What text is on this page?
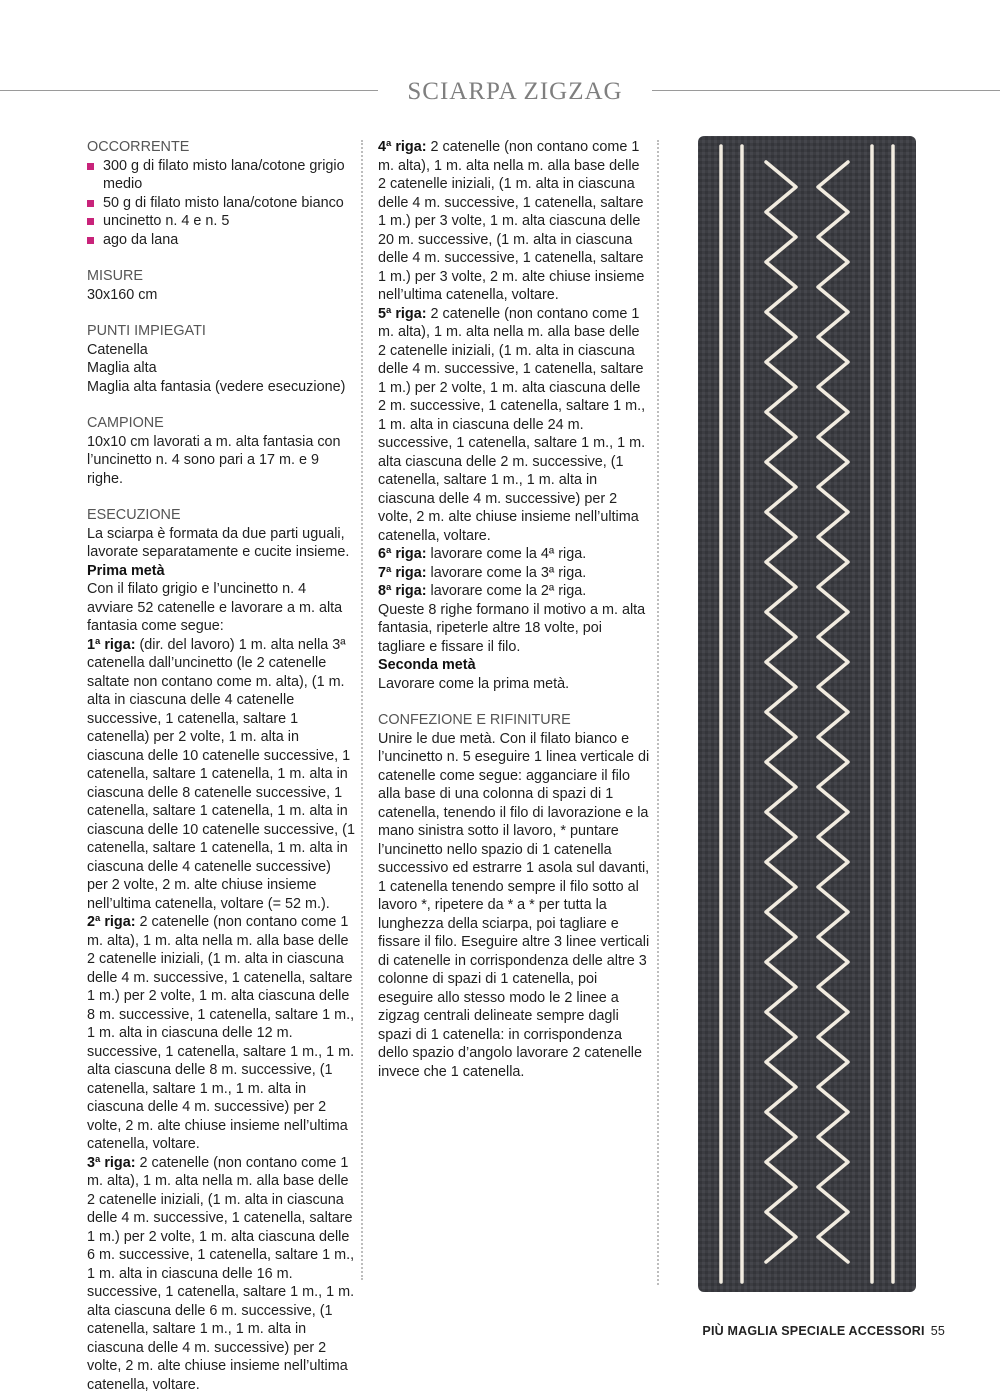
SCIARPA ZIGZAG
OCCORRENTE
300 g di filato misto lana/cotone grigio medio
50 g di filato misto lana/cotone bianco
uncinetto n. 4 e n. 5
ago da lana
MISURE

30x160 cm

PUNTI IMPIEGATI

Catenella

Maglia alta

Maglia alta fantasia (vedere esecuzione)

CAMPIONE

10x10 cm lavorati a m. alta fantasia con l’uncinetto n. 4 sono pari a 17 m. e 9 righe.

ESECUZIONE

La sciarpa è formata da due parti uguali, lavorate separatamente e cucite insieme.

Prima metà

Con il filato grigio e l’uncinetto n. 4 avviare 52 catenelle e lavorare a m. alta fantasia come segue:

1ª riga: (dir. del lavoro) 1 m. alta nella 3ª catenella dall’uncinetto (le 2 catenelle saltate non contano come m. alta), (1 m. alta in ciascuna delle 4 catenelle successive, 1 catenella, saltare 1 catenella) per 2 volte, 1 m. alta in ciascuna delle 10 catenelle successive, 1 catenella, saltare 1 catenella, 1 m. alta in ciascuna delle 8 catenelle successive, 1 catenella, saltare 1 catenella, 1 m. alta in ciascuna delle 10 catenelle successive, (1 catenella, saltare 1 catenella, 1 m. alta in ciascuna delle 4 catenelle successive) per 2 volte, 2 m. alte chiuse insieme nell’ultima catenella, voltare (= 52 m.).

2ª riga: 2 catenelle (non contano come 1 m. alta), 1 m. alta nella m. alla base delle 2 catenelle iniziali, (1 m. alta in ciascuna delle 4 m. successive, 1 catenella, saltare 1 m.) per 2 volte, 1 m. alta ciascuna delle 8 m. successive, 1 catenella, saltare 1 m., 1 m. alta in ciascuna delle 12 m. successive, 1 catenella, saltare 1 m., 1 m. alta ciascuna delle 8 m. successive, (1 catenella, saltare 1 m., 1 m. alta in ciascuna delle 4 m. successive) per 2 volte, 2 m. alte chiuse insieme nell’ultima catenella, voltare.

3ª riga: 2 catenelle (non contano come 1 m. alta), 1 m. alta nella m. alla base delle 2 catenelle iniziali, (1 m. alta in ciascuna delle 4 m. successive, 1 catenella, saltare 1 m.) per 2 volte, 1 m. alta ciascuna delle 6 m. successive, 1 catenella, saltare 1 m., 1 m. alta in ciascuna delle 16 m. successive, 1 catenella, saltare 1 m., 1 m. alta ciascuna delle 6 m. successive, (1 catenella, saltare 1 m., 1 m. alta in ciascuna delle 4 m. successive) per 2 volte, 2 m. alte chiuse insieme nell’ultima catenella, voltare.

4ª riga: 2 catenelle (non contano come 1 m. alta), 1 m. alta nella m. alla base delle 2 catenelle iniziali, (1 m. alta in ciascuna delle 4 m. successive, 1 catenella, saltare 1 m.) per 3 volte, 1 m. alta ciascuna delle 20 m. successive, (1 m. alta in ciascuna delle 4 m. successive, 1 catenella, saltare 1 m.) per 3 volte, 2 m. alte chiuse insieme nell’ultima catenella, voltare.

5ª riga: 2 catenelle (non contano come 1 m. alta), 1 m. alta nella m. alla base delle 2 catenelle iniziali, (1 m. alta in ciascuna delle 4 m. successive, 1 catenella, saltare 1 m.) per 2 volte, 1 m. alta ciascuna delle 2 m. successive, 1 catenella, saltare 1 m., 1 m. alta in ciascuna delle 24 m. successive, 1 catenella, saltare 1 m., 1 m. alta ciascuna delle 2 m. successive, (1 catenella, saltare 1 m., 1 m. alta in ciascuna delle 4 m. successive) per 2 volte, 2 m. alte chiuse insieme nell’ultima catenella, voltare.

6ª riga: lavorare come la 4ª riga.

7ª riga: lavorare come la 3ª riga.

8ª riga: lavorare come la 2ª riga.

Queste 8 righe formano il motivo a m. alta fantasia, ripeterle altre 18 volte, poi tagliare e fissare il filo.

Seconda metà

Lavorare come la prima metà.

CONFEZIONE E RIFINITURE

Unire le due metà. Con il filato bianco e l’uncinetto n. 5 eseguire 1 linea verticale di catenelle come segue: agganciare il filo alla base di una colonna di spazi di 1 catenella, tenendo il filo di lavorazione e la mano sinistra sotto il lavoro, * puntare l’uncinetto nello spazio di 1 catenella successivo ed estrarre 1 asola sul davanti, 1 catenella tenendo sempre il filo sotto al lavoro *, ripetere da * a * per tutta la lunghezza della sciarpa, poi tagliare e fissare il filo. Eseguire altre 3 linee verticali di catenelle in corrispondenza delle altre 3 colonne di spazi di 1 catenella, poi eseguire allo stesso modo le 2 linee a zigzag centrali delineate sempre dagli spazi di 1 catenella: in corrispondenza dello spazio d’angolo lavorare 2 catenelle invece che 1 catenella.

PIÙ MAGLIA SPECIALE ACCESSORI 55
